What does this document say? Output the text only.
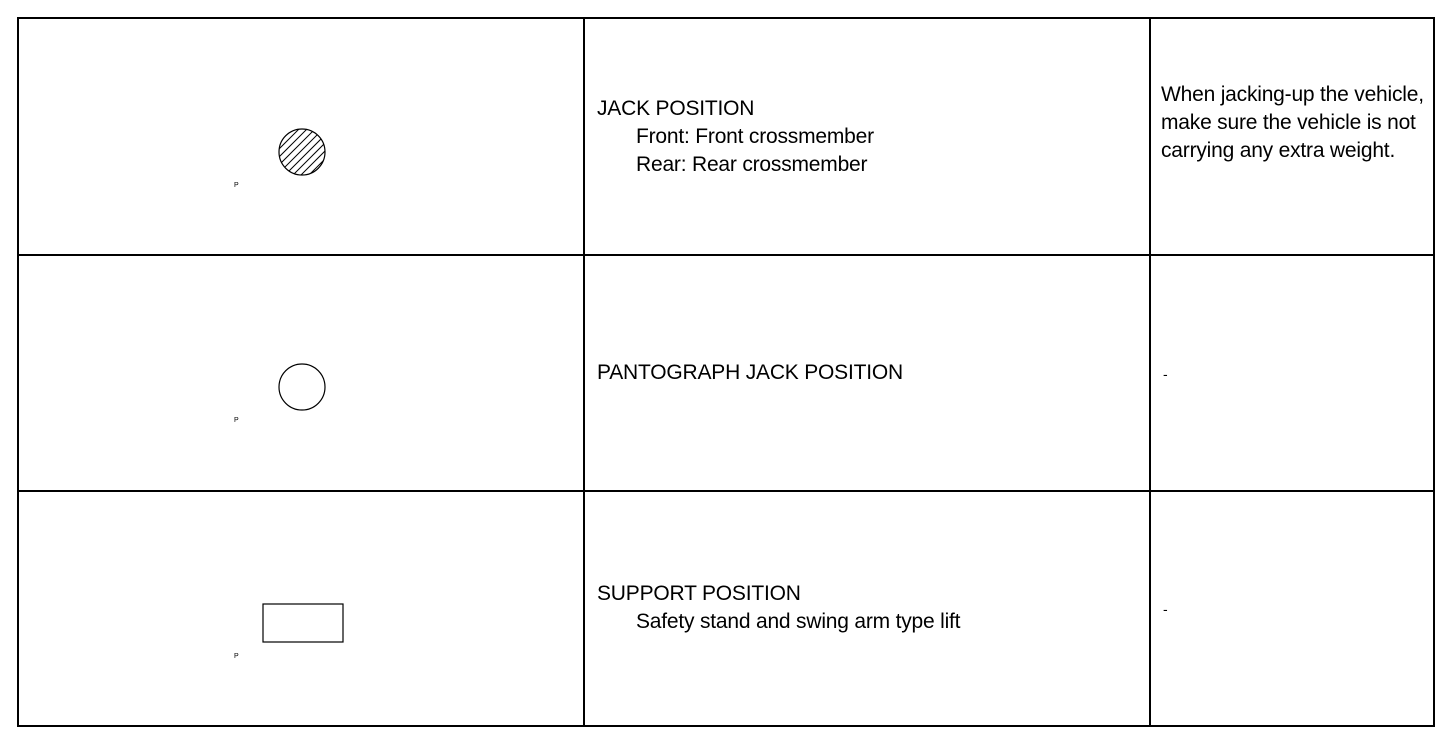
P
JACK POSITION
Front: Front crossmember
Rear: Rear crossmember
When jacking-up the vehicle, make sure the vehicle is not carrying any extra weight.
P
PANTOGRAPH JACK POSITION	-
P
SUPPORT POSITION
Safety stand and swing arm type lift
-
